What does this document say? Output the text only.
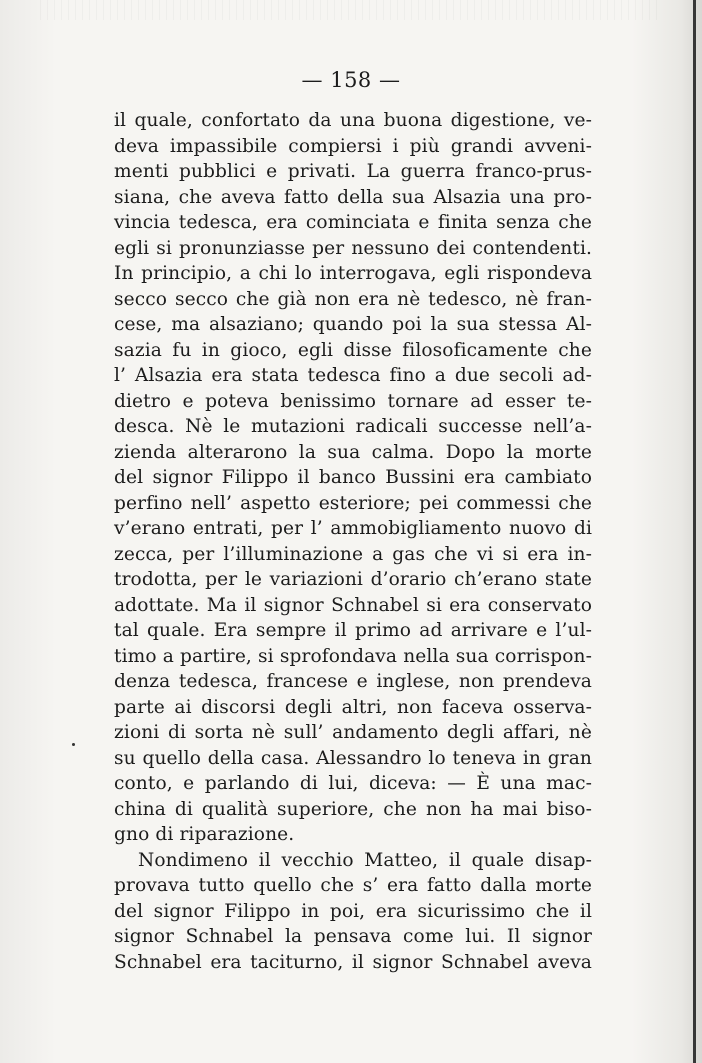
— 158 —
il quale, confortato da una buona digestione, ve-
deva impassibile compiersi i più grandi avveni-
menti pubblici e privati. La guerra franco-prus-
siana, che aveva fatto della sua Alsazia una pro-
vincia tedesca, era cominciata e finita senza che
egli si pronunziasse per nessuno dei contendenti.
In principio, a chi lo interrogava, egli rispondeva
secco secco che già non era nè tedesco, nè fran-
cese, ma alsaziano; quando poi la sua stessa Al-
sazia fu in gioco, egli disse filosoficamente che
l’ Alsazia era stata tedesca fino a due secoli ad-
dietro e poteva benissimo tornare ad esser te-
desca. Nè le mutazioni radicali successe nell’a-
zienda alterarono la sua calma. Dopo la morte
del signor Filippo il banco Bussini era cambiato
perfino nell’ aspetto esteriore; pei commessi che
v’erano entrati, per l’ ammobigliamento nuovo di
zecca, per l’illuminazione a gas che vi si era in-
trodotta, per le variazioni d’orario ch’erano state
adottate. Ma il signor Schnabel si era conservato
tal quale. Era sempre il primo ad arrivare e l’ul-
timo a partire, si sprofondava nella sua corrispon-
denza tedesca, francese e inglese, non prendeva
parte ai discorsi degli altri, non faceva osserva-
zioni di sorta nè sull’ andamento degli affari, nè
su quello della casa. Alessandro lo teneva in gran
conto, e parlando di lui, diceva: — È una mac-
china di qualità superiore, che non ha mai biso-
gno di riparazione.
Nondimeno il vecchio Matteo, il quale disap-
provava tutto quello che s’ era fatto dalla morte
del signor Filippo in poi, era sicurissimo che il
signor Schnabel la pensava come lui. Il signor
Schnabel era taciturno, il signor Schnabel aveva
